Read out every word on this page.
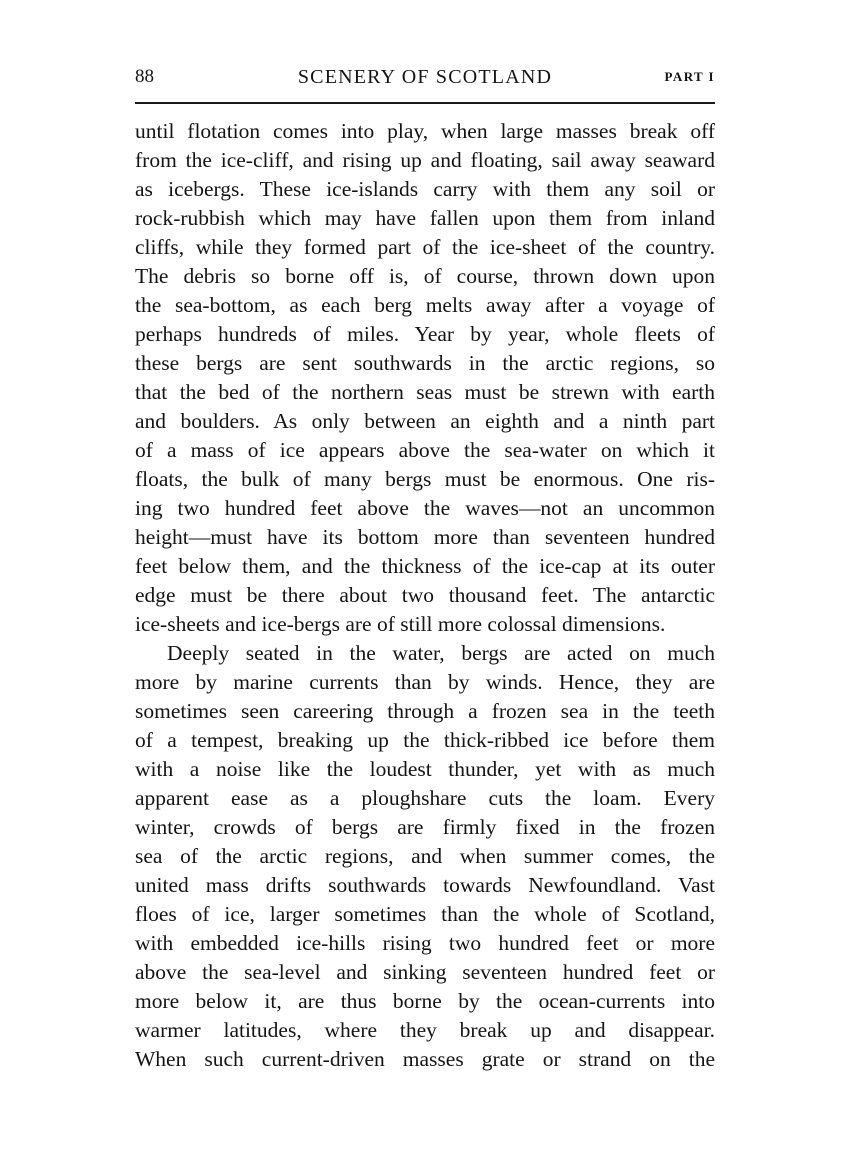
88	SCENERY OF SCOTLAND	PART I
until flotation comes into play, when large masses break off
from the ice-cliff, and rising up and floating, sail away seaward
as icebergs. These ice-islands carry with them any soil or
rock-rubbish which may have fallen upon them from inland
cliffs, while they formed part of the ice-sheet of the country.
The debris so borne off is, of course, thrown down upon
the sea-bottom, as each berg melts away after a voyage of
perhaps hundreds of miles. Year by year, whole fleets of
these bergs are sent southwards in the arctic regions, so
that the bed of the northern seas must be strewn with earth
and boulders. As only between an eighth and a ninth part
of a mass of ice appears above the sea-water on which it
floats, the bulk of many bergs must be enormous. One ris-
ing two hundred feet above the waves—not an uncommon
height—must have its bottom more than seventeen hundred
feet below them, and the thickness of the ice-cap at its outer
edge must be there about two thousand feet. The antarctic
ice-sheets and ice-bergs are of still more colossal dimensions.
Deeply seated in the water, bergs are acted on much
more by marine currents than by winds. Hence, they are
sometimes seen careering through a frozen sea in the teeth
of a tempest, breaking up the thick-ribbed ice before them
with a noise like the loudest thunder, yet with as much
apparent ease as a ploughshare cuts the loam. Every
winter, crowds of bergs are firmly fixed in the frozen
sea of the arctic regions, and when summer comes, the
united mass drifts southwards towards Newfoundland. Vast
floes of ice, larger sometimes than the whole of Scotland,
with embedded ice-hills rising two hundred feet or more
above the sea-level and sinking seventeen hundred feet or
more below it, are thus borne by the ocean-currents into
warmer latitudes, where they break up and disappear.
When such current-driven masses grate or strand on the
